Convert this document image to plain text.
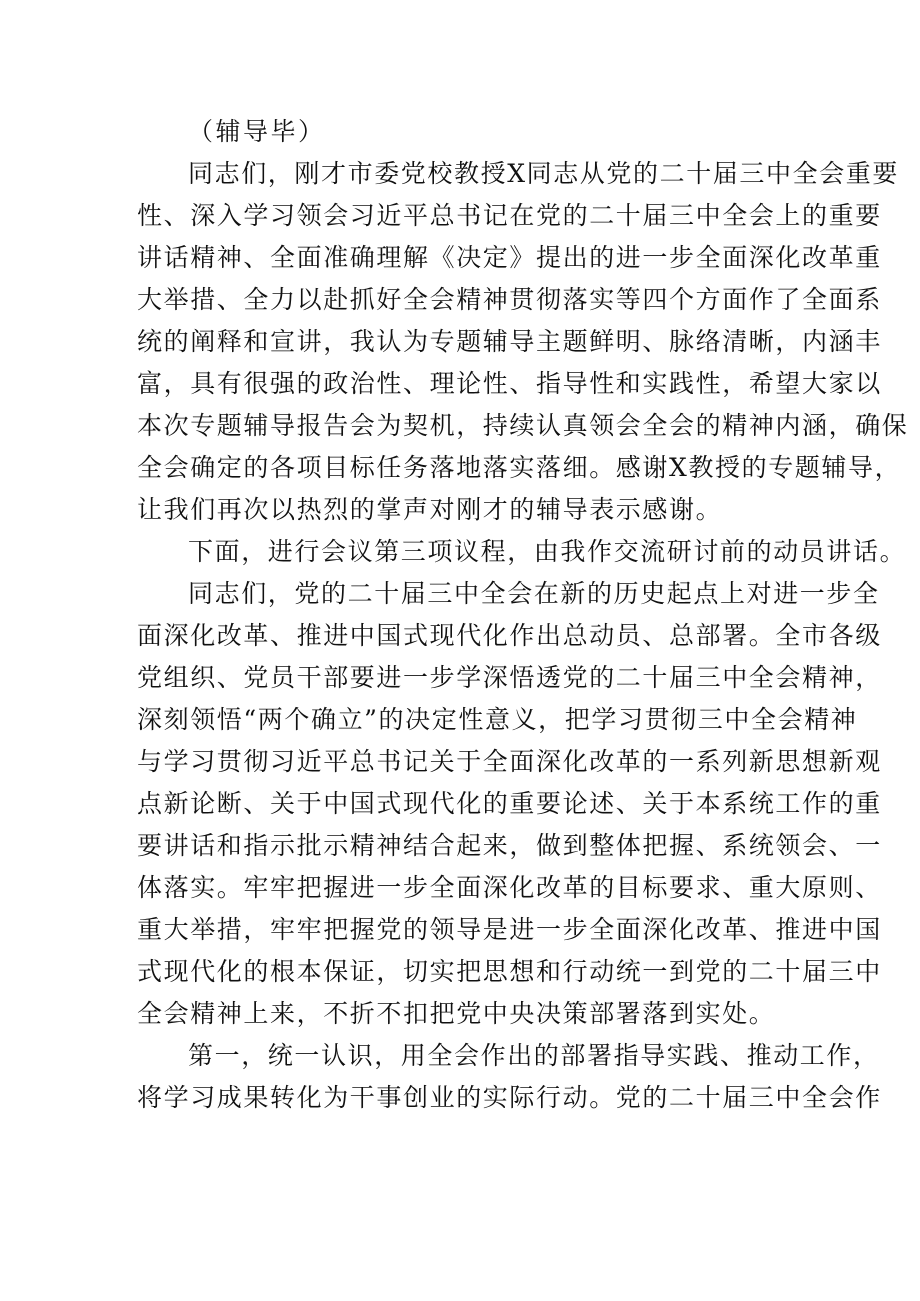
（辅导毕）
同志们，刚才市委党校教授X同志从党的二十届三中全会重要
性、深入学习领会习近平总书记在党的二十届三中全会上的重要
讲话精神、全面准确理解《决定》提出的进一步全面深化改革重
大举措、全力以赴抓好全会精神贯彻落实等四个方面作了全面系
统的阐释和宣讲，我认为专题辅导主题鲜明、脉络清晰，内涵丰
富，具有很强的政治性、理论性、指导性和实践性，希望大家以
本次专题辅导报告会为契机，持续认真领会全会的精神内涵，确保
全会确定的各项目标任务落地落实落细。感谢X教授的专题辅导，
让我们再次以热烈的掌声对刚才的辅导表示感谢。
下面，进行会议第三项议程，由我作交流研讨前的动员讲话。
同志们，党的二十届三中全会在新的历史起点上对进一步全
面深化改革、推进中国式现代化作出总动员、总部署。全市各级
党组织、党员干部要进一步学深悟透党的二十届三中全会精神，
深刻领悟“两个确立”的决定性意义，把学习贯彻三中全会精神
与学习贯彻习近平总书记关于全面深化改革的一系列新思想新观
点新论断、关于中国式现代化的重要论述、关于本系统工作的重
要讲话和指示批示精神结合起来，做到整体把握、系统领会、一
体落实。牢牢把握进一步全面深化改革的目标要求、重大原则、
重大举措，牢牢把握党的领导是进一步全面深化改革、推进中国
式现代化的根本保证，切实把思想和行动统一到党的二十届三中
全会精神上来，不折不扣把党中央决策部署落到实处。
第一，统一认识，用全会作出的部署指导实践、推动工作，
将学习成果转化为干事创业的实际行动。党的二十届三中全会作
